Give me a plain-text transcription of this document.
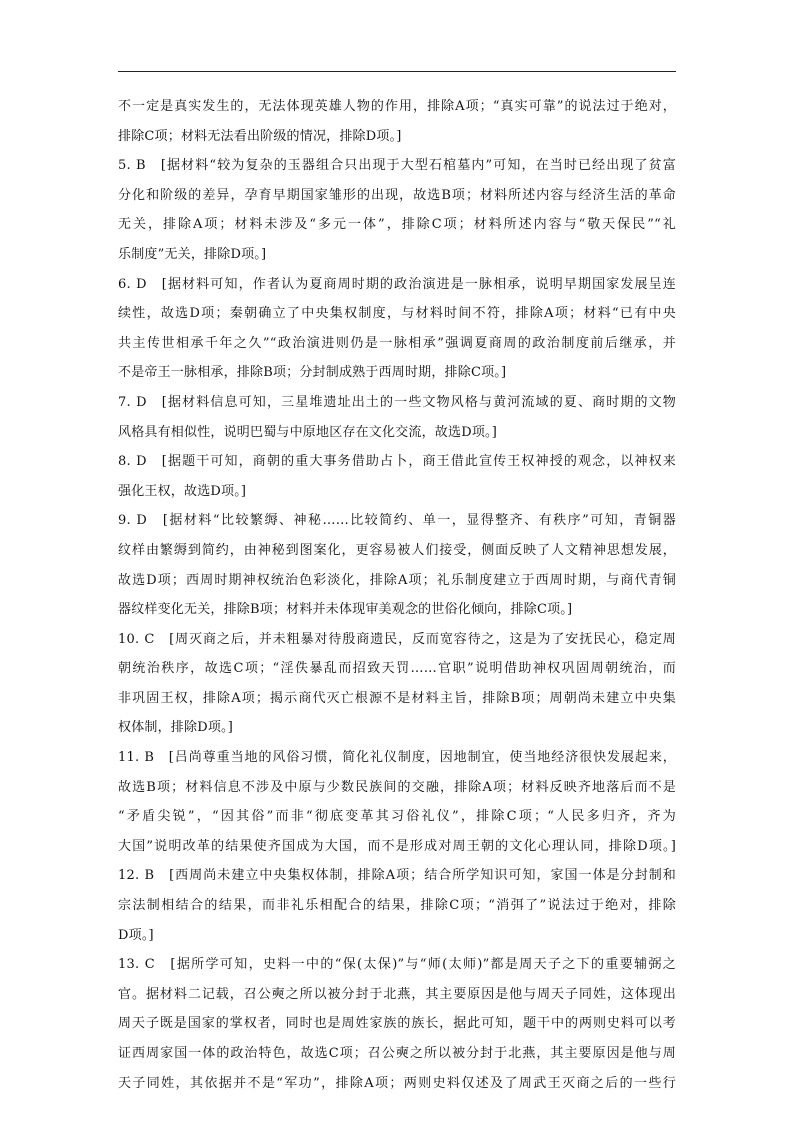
不一定是真实发生的，无法体现英雄人物的作用，排除A项；“真实可靠”的说法过于绝对，
排除C项；材料无法看出阶级的情况，排除D项。]
5. B　[据材料“较为复杂的玉器组合只出现于大型石棺墓内”可知，在当时已经出现了贫富
分化和阶级的差异，孕育早期国家雏形的出现，故选B项；材料所述内容与经济生活的革命
无关，排除A项；材料未涉及“多元一体”，排除C项；材料所述内容与“敬天保民”“礼
乐制度”无关，排除D项。]
6. D　[据材料可知，作者认为夏商周时期的政治演进是一脉相承，说明早期国家发展呈连
续性，故选D项；秦朝确立了中央集权制度，与材料时间不符，排除A项；材料“已有中央
共主传世相承千年之久”“政治演进则仍是一脉相承”强调夏商周的政治制度前后继承，并
不是帝王一脉相承，排除B项；分封制成熟于西周时期，排除C项。]
7. D　[据材料信息可知，三星堆遗址出土的一些文物风格与黄河流域的夏、商时期的文物
风格具有相似性，说明巴蜀与中原地区存在文化交流，故选D项。]
8. D　[据题干可知，商朝的重大事务借助占卜，商王借此宣传王权神授的观念，以神权来
强化王权，故选D项。]
9. D　[据材料“比较繁缛、神秘……比较简约、单一，显得整齐、有秩序”可知，青铜器
纹样由繁缛到简约，由神秘到图案化，更容易被人们接受，侧面反映了人文精神思想发展，
故选D项；西周时期神权统治色彩淡化，排除A项；礼乐制度建立于西周时期，与商代青铜
器纹样变化无关，排除B项；材料并未体现审美观念的世俗化倾向，排除C项。]
10. C　[周灭商之后，并未粗暴对待殷商遗民，反而宽容待之，这是为了安抚民心，稳定周
朝统治秩序，故选C项；“淫佚暴乱而招致天罚……官职”说明借助神权巩固周朝统治，而
非巩固王权，排除A项；揭示商代灭亡根源不是材料主旨，排除B项；周朝尚未建立中央集
权体制，排除D项。]
11. B　[吕尚尊重当地的风俗习惯，简化礼仪制度，因地制宜，使当地经济很快发展起来，
故选B项；材料信息不涉及中原与少数民族间的交融，排除A项；材料反映齐地落后而不是
“矛盾尖锐”，“因其俗”而非“彻底变革其习俗礼仪”，排除C项；“人民多归齐，齐为
大国”说明改革的结果使齐国成为大国，而不是形成对周王朝的文化心理认同，排除D项。]
12. B　[西周尚未建立中央集权体制，排除A项；结合所学知识可知，家国一体是分封制和
宗法制相结合的结果，而非礼乐相配合的结果，排除C项；“消弭了”说法过于绝对，排除
D项。]
13. C　[据所学可知，史料一中的“保(太保)”与“师(太师)”都是周天子之下的重要辅弼之
官。据材料二记载，召公奭之所以被分封于北燕，其主要原因是他与周天子同姓，这体现出
周天子既是国家的掌权者，同时也是周姓家族的族长，据此可知，题干中的两则史料可以考
证西周家国一体的政治特色，故选C项；召公奭之所以被分封于北燕，其主要原因是他与周
天子同姓，其依据并不是“军功”，排除A项；两则史料仅述及了周武王灭商之后的一些行
